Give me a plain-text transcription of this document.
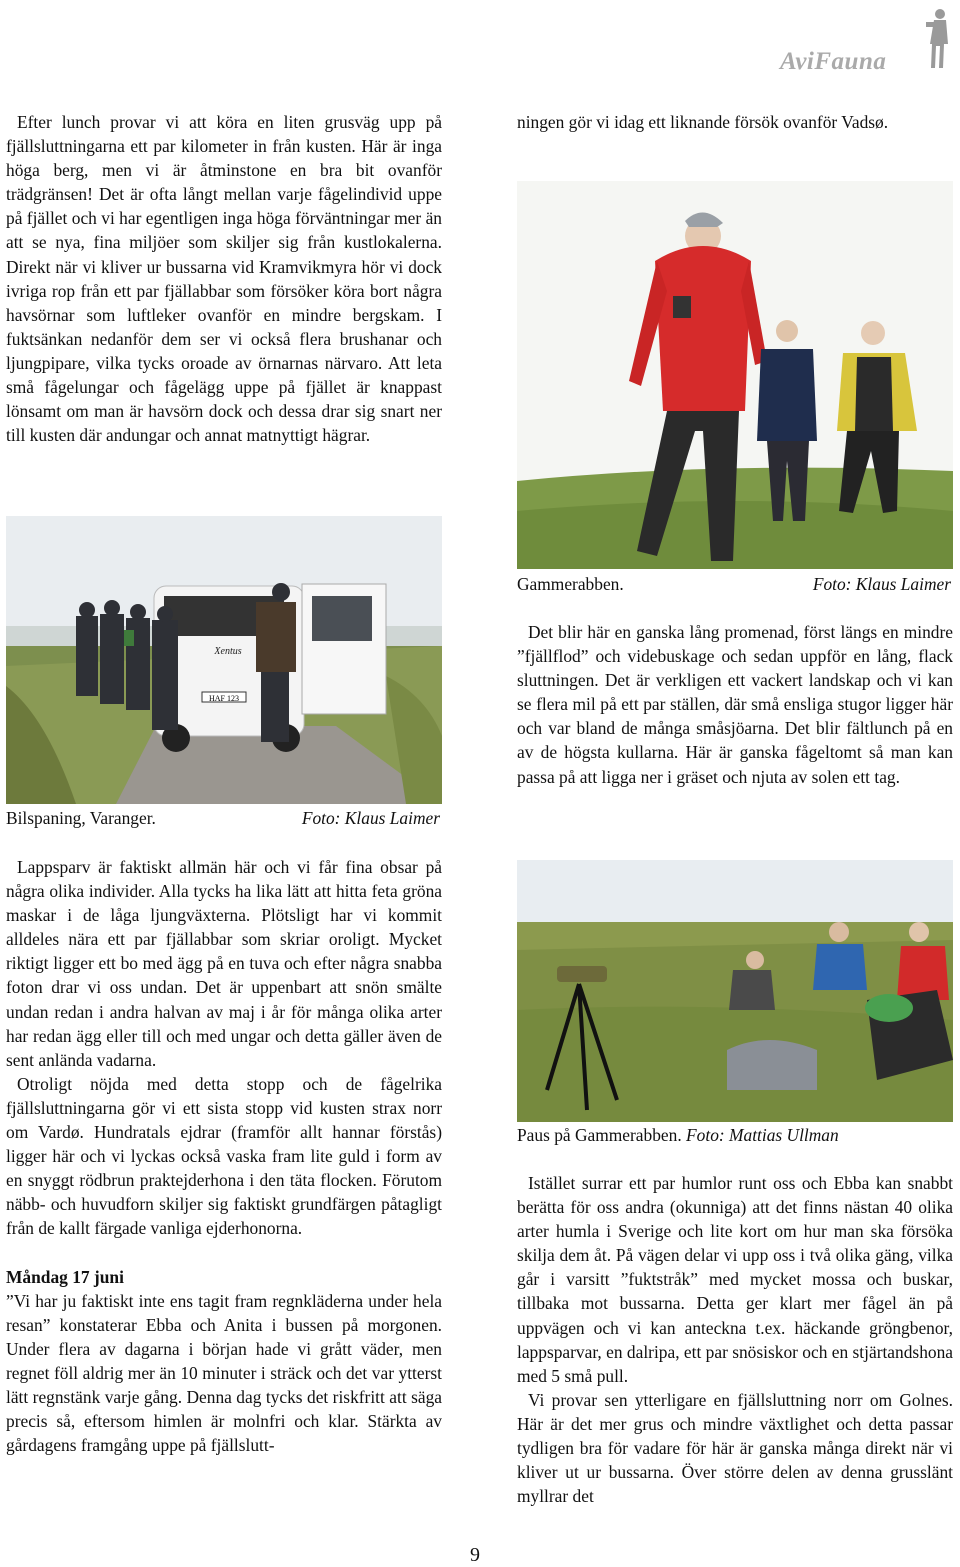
AviFauna

Efter lunch provar vi att köra en liten grusväg upp på fjällsluttningarna ett par kilometer in från kusten. Här är inga höga berg, men vi är åtminstone en bra bit ovanför trädgränsen! Det är ofta långt mellan varje fågelindivid uppe på fjället och vi har egentligen inga höga förväntningar mer än att se nya, fina miljöer som skiljer sig från kustlokalerna. Direkt när vi kliver ur bussarna vid Kramvikmyra hör vi dock ivriga rop från ett par fjällabbar som försöker köra bort några havsörnar som luftleker ovanför en mindre bergskam. I fuktsänkan nedanför dem ser vi också flera brushanar och ljungpipare, vilka tycks oroade av örnarnas närvaro. Att leta små fågelungar och fågelägg uppe på fjället är knappast lönsamt om man är havsörn dock och dessa drar sig snart ner till kusten där andungar och annat matnyttigt hägrar.

HAF 123
Xentus
Bilspaning, Varanger.	Foto: Klaus Laimer

Lappsparv är faktiskt allmän här och vi får fina obsar på några olika individer. Alla tycks ha lika lätt att hitta feta gröna maskar i de låga ljungväxterna. Plötsligt har vi kommit alldeles nära ett par fjällabbar som skriar oroligt. Mycket riktigt ligger ett bo med ägg på en tuva och efter några snabba foton drar vi oss undan. Det är uppenbart att snön smälte undan redan i andra halvan av maj i år för många olika arter har redan ägg eller till och med ungar och detta gäller även de sent anlända vadarna.

Otroligt nöjda med detta stopp och de fågelrika fjällsluttningarna gör vi ett sista stopp vid kusten strax norr om Vardø. Hundratals ejdrar (framför allt hannar förstås) ligger här och vi lyckas också vaska fram lite guld i form av en snyggt rödbrun praktejderhona i den täta flocken. Förutom näbb- och huvudforn skiljer sig faktiskt grundfärgen påtagligt från de kallt färgade vanliga ejderhonorna.

Måndag 17 juni

”Vi har ju faktiskt inte ens tagit fram regnkläderna under hela resan” konstaterar Ebba och Anita i bussen på morgonen. Under flera av dagarna i början hade vi grått väder, men regnet föll aldrig mer än 10 minuter i sträck och det var ytterst lätt regnstänk varje gång. Denna dag tycks det riskfritt att säga precis så, eftersom himlen är molnfri och klar. Stärkta av gårdagens framgång uppe på fjällslutt-

ningen gör vi idag ett liknande försök ovanför Vadsø.

Gammerabben.	Foto: Klaus Laimer

Det blir här en ganska lång promenad, först längs en mindre ”fjällflod” och videbuskage och sedan uppför en lång, flack sluttningen. Det är verkligen ett vackert landskap och vi kan se flera mil på ett par ställen, där små ensliga stugor ligger här och var bland de många småsjöarna. Det blir fältlunch på en av de högsta kullarna. Här är ganska fågeltomt så man kan passa på att ligga ner i gräset och njuta av solen ett tag.

Paus på Gammerabben. Foto: Mattias Ullman

Istället surrar ett par humlor runt oss och Ebba kan snabbt berätta för oss andra (okunniga) att det finns nästan 40 olika arter humla i Sverige och lite kort om hur man ska försöka skilja dem åt. På vägen delar vi upp oss i två olika gäng, vilka går i varsitt ”fuktstråk” med mycket mossa och buskar, tillbaka mot bussarna. Detta ger klart mer fågel än på uppvägen och vi kan anteckna t.ex. häckande gröngbenor, lappsparvar, en dalripa, ett par snösiskor och en stjärtandshona med 5 små pull.

Vi provar sen ytterligare en fjällsluttning norr om Golnes. Här är det mer grus och mindre växtlighet och detta passar tydligen bra för vadare för här är ganska många direkt när vi kliver ut ur bussarna. Över större delen av denna grusslänt myllrar det

9
